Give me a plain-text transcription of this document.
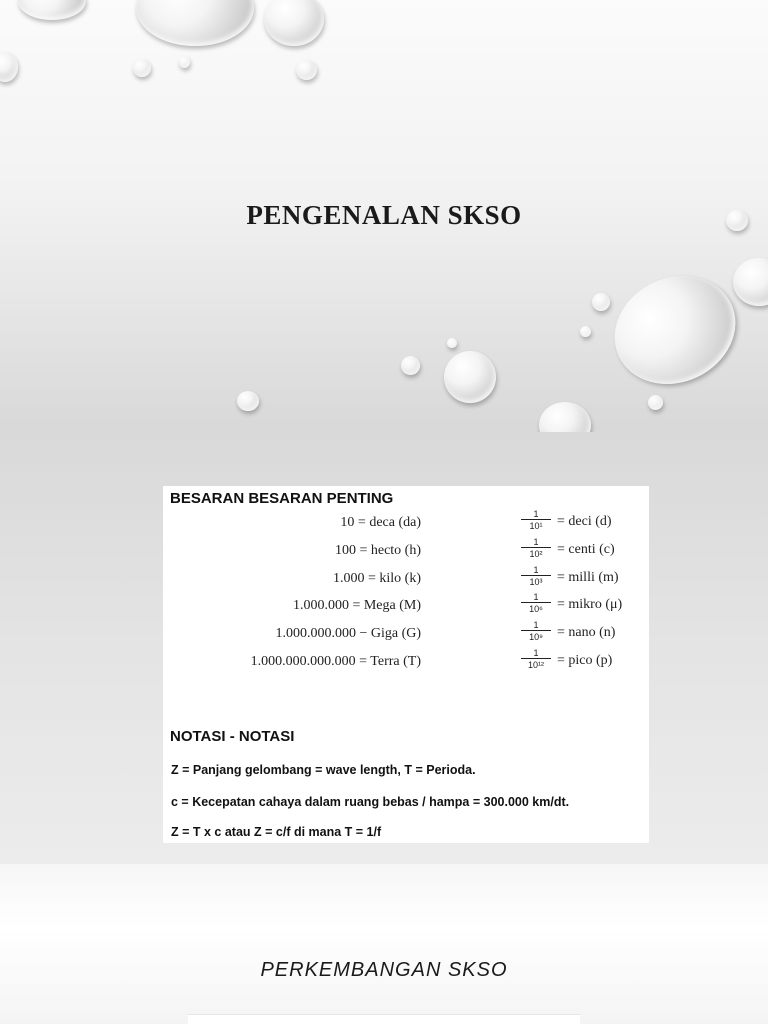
PENGENALAN SKSO
BESARAN BESARAN PENTING
10 = deca (da)	$\frac{1}{\text{10¹}}$ = deci (d)
100 = hecto (h)	$\frac{1}{\text{10²}}$ = centi (c)
1.000 = kilo (k)	$\frac{1}{\text{10³}}$ = milli (m)
1.000.000 = Mega (M)	$\frac{1}{\text{10⁶}}$ = mikro (μ)
1.000.000.000 − Giga (G)	$\frac{1}{\text{10⁹}}$ = nano (n)
1.000.000.000.000 = Terra (T)	$\frac{1}{\text{10¹²}}$ = pico (p)
NOTASI - NOTASI
Z = Panjang gelombang = wave length, T = Perioda.
c = Kecepatan cahaya dalam ruang bebas / hampa = 300.000 km/dt.
Z = T x c atau Z = c/f di mana T = 1/f
PERKEMBANGAN SKSO
